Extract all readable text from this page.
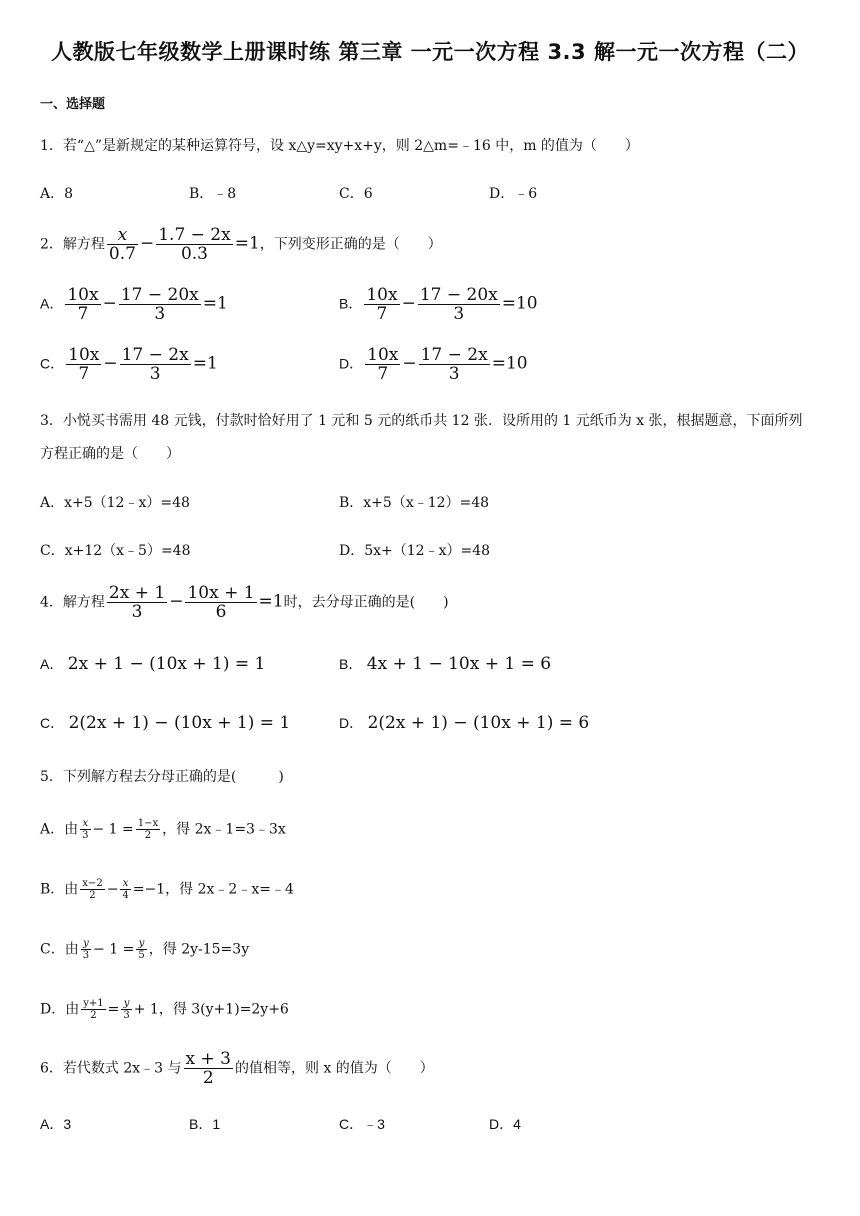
人教版七年级数学上册课时练 第三章 一元一次方程 3.3 解一元一次方程（二）
一、选择题
1．若“△”是新规定的某种运算符号，设 x△y=xy+x+y，则 2△m=﹣16 中，m 的值为（　　）
A．8	B．﹣8	C．6	D．﹣6
2．解方程 $\frac{x}{0.7} - \frac{1.7 - 2x}{0.3} =1$，下列变形正确的是（　　）
A． $\frac{10x}{7} - \frac{17 - 20x}{3} =1$	B． $\frac{10x}{7} - \frac{17 - 20x}{3} =10$
C． $\frac{10x}{7} - \frac{17 - 2x}{3} =1$	D． $\frac{10x}{7} - \frac{17 - 2x}{3} =10$
3．小悦买书需用 48 元钱，付款时恰好用了 1 元和 5 元的纸币共 12 张．设所用的 1 元纸币为 x 张，根据题意，下面所列
方程正确的是（　　）
A．x+5（12﹣x）=48	B．x+5（x﹣12）=48
C．x+12（x﹣5）=48	D．5x+（12﹣x）=48
4．解方程 $\frac{2x + 1}{3} - \frac{10x + 1}{6} =1$时，去分母正确的是(　　)
A． 2x + 1 − (10x + 1) = 1	B． 4x + 1 − 10x + 1 = 6
C． 2(2x + 1) − (10x + 1) = 1	D． 2(2x + 1) − (10x + 1) = 6
5．下列解方程去分母正确的是(　　　)
A．由 $\frac{x}{3} - 1 = \frac{1-x}{2}$ ，得 2x﹣1=3﹣3x
B．由 $\frac{x-2}{2} - \frac{x}{4} =-1$，得 2x﹣2﹣x=﹣4
C．由 $\frac{y}{3} - 1 = \frac{y}{5}$ ，得 2y-15=3y
D．由 $\frac{y+1}{2} = \frac{y}{3} + 1$，得 3(y+1)=2y+6
6．若代数式 2x﹣3 与 $\frac{x + 3}{2}$ 的值相等，则 x 的值为（　　）
A．3	B．1	C．﹣3	D．4
